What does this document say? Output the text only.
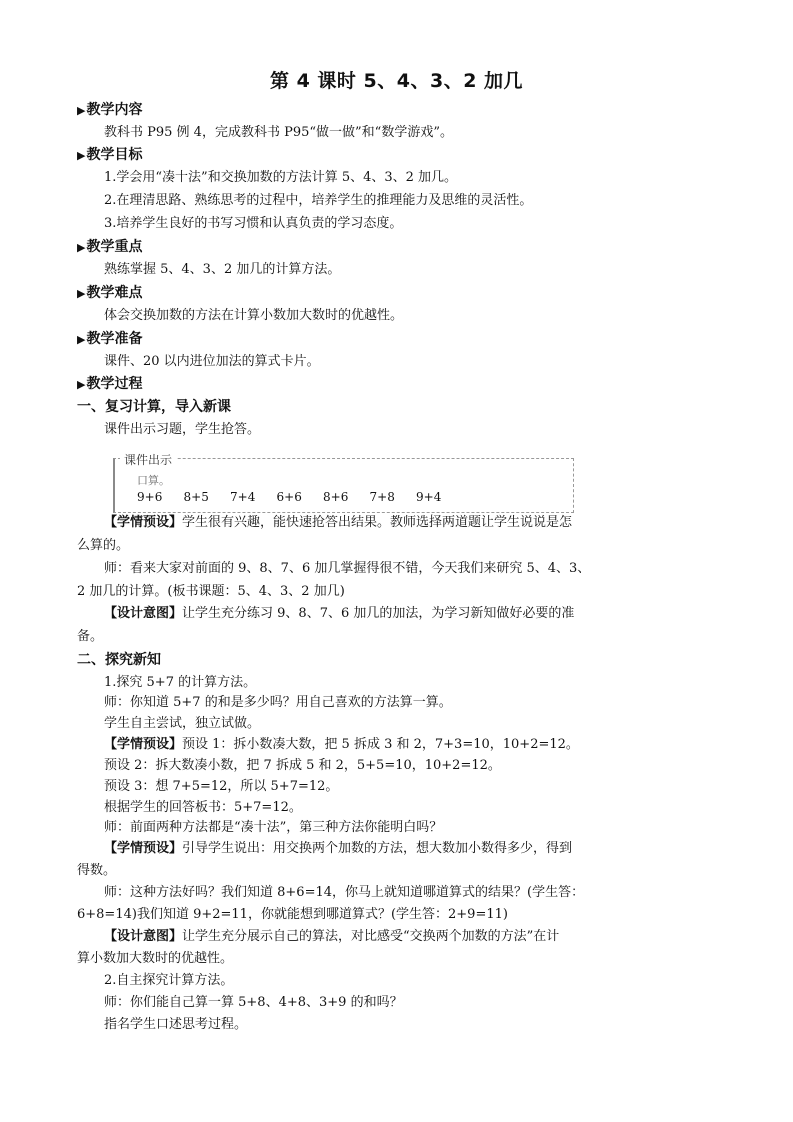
第 4 课时 5、4、3、2 加几
▶教学内容
教科书 P95 例 4，完成教科书 P95“做一做”和“数学游戏”。
▶教学目标
1.学会用“凑十法”和交换加数的方法计算 5、4、3、2 加几。
2.在理清思路、熟练思考的过程中，培养学生的推理能力及思维的灵活性。
3.培养学生良好的书写习惯和认真负责的学习态度。
▶教学重点
熟练掌握 5、4、3、2 加几的计算方法。
▶教学难点
体会交换加数的方法在计算小数加大数时的优越性。
▶教学准备
课件、20 以内进位加法的算式卡片。
▶教学过程
一、复习计算，导入新课
课件出示习题，学生抢答。
课件出示
口算。
9+6	8+5	7+4	6+6	8+6	7+8	9+4
【学情预设】学生很有兴趣，能快速抢答出结果。教师选择两道题让学生说说是怎
么算的。
师：看来大家对前面的 9、8、7、6 加几掌握得很不错，今天我们来研究 5、4、3、
2 加几的计算。(板书课题：5、4、3、2 加几)
【设计意图】让学生充分练习 9、8、7、6 加几的加法，为学习新知做好必要的准
备。
二、探究新知
1.探究 5+7 的计算方法。
师：你知道 5+7 的和是多少吗？用自己喜欢的方法算一算。
学生自主尝试，独立试做。
【学情预设】预设 1：拆小数凑大数，把 5 拆成 3 和 2，7+3=10，10+2=12。
预设 2：拆大数凑小数，把 7 拆成 5 和 2，5+5=10，10+2=12。
预设 3：想 7+5=12，所以 5+7=12。
根据学生的回答板书：5+7=12。
师：前面两种方法都是“凑十法”，第三种方法你能明白吗？
【学情预设】引导学生说出：用交换两个加数的方法，想大数加小数得多少，得到
得数。
师：这种方法好吗？我们知道 8+6=14，你马上就知道哪道算式的结果？(学生答：
6+8=14)我们知道 9+2=11，你就能想到哪道算式？(学生答：2+9=11)
【设计意图】让学生充分展示自己的算法，对比感受“交换两个加数的方法”在计
算小数加大数时的优越性。
2.自主探究计算方法。
师：你们能自己算一算 5+8、4+8、3+9 的和吗？
指名学生口述思考过程。
